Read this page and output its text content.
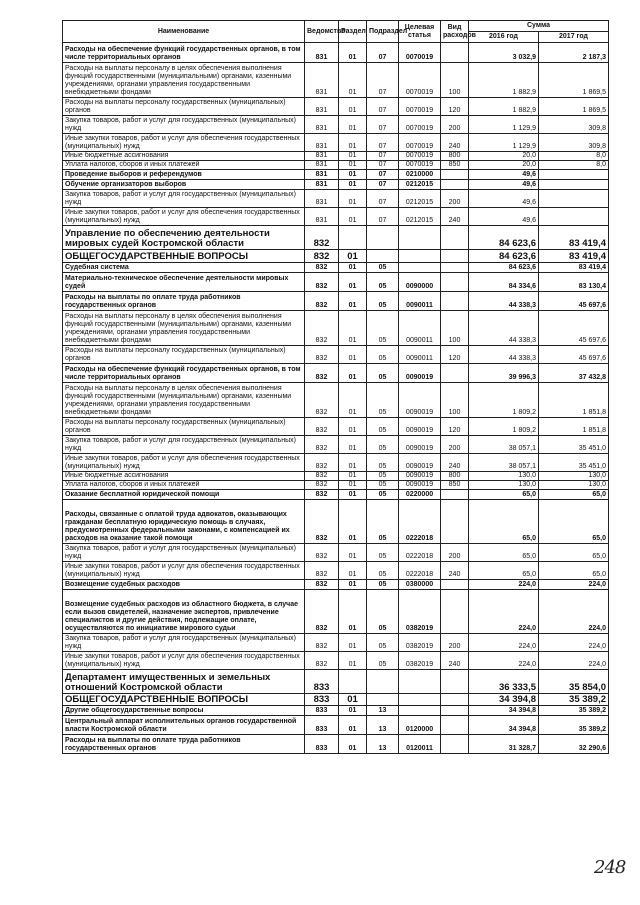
Наименование	Ведомство	Раздел	Подраздел	Целевая статья	Вид расходов	Сумма	
						2016 год	2017 год
Расходы на обеспечение функций государственных органов, в том числе территориальных органов	831	01	07	0070019		3 032,9	2 187,3
Расходы на выплаты персоналу в целях обеспечения выполнения функций государственными (муниципальными) органами, казенными учреждениями, органами управления государственными внебюджетными фондами	831	01	07	0070019	100	1 882,9	1 869,5
Расходы на выплаты персоналу государственных (муниципальных) органов	831	01	07	0070019	120	1 882,9	1 869,5
Закупка товаров, работ и услуг для государственных (муниципальных) нужд	831	01	07	0070019	200	1 129,9	309,8
Иные закупки товаров, работ и услуг для обеспечения государственных (муниципальных) нужд	831	01	07	0070019	240	1 129,9	309,8
Иные бюджетные ассигнования	831	01	07	0070019	800	20,0	8,0
Уплата налогов, сборов и иных платежей	831	01	07	0070019	850	20,0	8,0
Проведение выборов и референдумов	831	01	07	0210000		49,6	
Обучение организаторов выборов	831	01	07	0212015		49,6	
Закупка товаров, работ и услуг для государственных (муниципальных) нужд	831	01	07	0212015	200	49,6	
Иные закупки товаров, работ и услуг для обеспечения государственных (муниципальных) нужд	831	01	07	0212015	240	49,6	
Управление по обеспечению деятельности мировых судей Костромской области	832					84 623,6	83 419,4
ОБЩЕГОСУДАРСТВЕННЫЕ ВОПРОСЫ	832	01				84 623,6	83 419,4
Судебная система	832	01	05			84 623,6	83 419,4
Материально-техническое обеспечение деятельности мировых судей	832	01	05	0090000		84 334,6	83 130,4
Расходы на выплаты по оплате труда работников государственных органов	832	01	05	0090011		44 338,3	45 697,6
Расходы на выплаты персоналу в целях обеспечения выполнения функций государственными (муниципальными) органами, казенными учреждениями, органами управления государственными внебюджетными фондами	832	01	05	0090011	100	44 338,3	45 697,6
Расходы на выплаты персоналу государственных (муниципальных) органов	832	01	05	0090011	120	44 338,3	45 697,6
Расходы на обеспечение функций государственных органов, в том числе территориальных органов	832	01	05	0090019		39 996,3	37 432,8
Расходы на выплаты персоналу в целях обеспечения выполнения функций государственными (муниципальными) органами, казенными учреждениями, органами управления государственными внебюджетными фондами	832	01	05	0090019	100	1 809,2	1 851,8
Расходы на выплаты персоналу государственных (муниципальных) органов	832	01	05	0090019	120	1 809,2	1 851,8
Закупка товаров, работ и услуг для государственных (муниципальных) нужд	832	01	05	0090019	200	38 057,1	35 451,0
Иные закупки товаров, работ и услуг для обеспечения государственных (муниципальных) нужд	832	01	05	0090019	240	38 057,1	35 451,0
Иные бюджетные ассигнования	832	01	05	0090019	800	130,0	130,0
Уплата налогов, сборов и иных платежей	832	01	05	0090019	850	130,0	130,0
Оказание бесплатной юридической помощи	832	01	05	0220000		65,0	65,0
Расходы, связанные с оплатой труда адвокатов, оказывающих гражданам бесплатную юридическую помощь в случаях, предусмотренных федеральными законами, с компенсацией их расходов на оказание такой помощи	832	01	05	0222018		65,0	65,0
Закупка товаров, работ и услуг для государственных (муниципальных) нужд	832	01	05	0222018	200	65,0	65,0
Иные закупки товаров, работ и услуг для обеспечения государственных (муниципальных) нужд	832	01	05	0222018	240	65,0	65,0
Возмещение судебных расходов	832	01	05	0380000		224,0	224,0
Возмещение судебных расходов из областного бюджета, в случае если вызов свидетелей, назначение экспертов, привлечение специалистов и другие действия, подлежащие оплате, осуществляются по инициативе мирового судьи	832	01	05	0382019		224,0	224,0
Закупка товаров, работ и услуг для государственных (муниципальных) нужд	832	01	05	0382019	200	224,0	224,0
Иные закупки товаров, работ и услуг для обеспечения государственных (муниципальных) нужд	832	01	05	0382019	240	224,0	224,0
Департамент имущественных и земельных отношений Костромской области	833					36 333,5	35 854,0
ОБЩЕГОСУДАРСТВЕННЫЕ ВОПРОСЫ	833	01				34 394,8	35 389,2
Другие общегосударственные вопросы	833	01	13			34 394,8	35 389,2
Центральный аппарат исполнительных органов государственной власти Костромской области	833	01	13	0120000		34 394,8	35 389,2
Расходы на выплаты по оплате труда работников государственных органов	833	01	13	0120011		31 328,7	32 290,6
248
